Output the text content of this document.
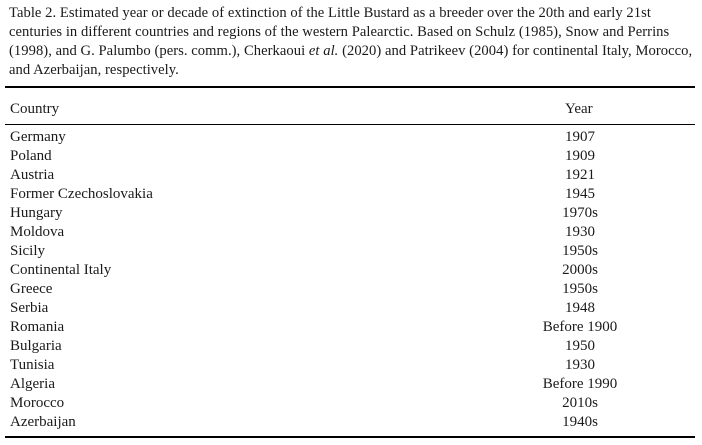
Table 2. Estimated year or decade of extinction of the Little Bustard as a breeder over the 20th and early 21st centuries in different countries and regions of the western Palearctic. Based on Schulz (1985), Snow and Perrins (1998), and G. Palumbo (pers. comm.), Cherkaoui et al. (2020) and Patrikeev (2004) for continental Italy, Morocco, and Azerbaijan, respectively.
Country	Year
Germany	1907
Poland	1909
Austria	1921
Former Czechoslovakia	1945
Hungary	1970s
Moldova	1930
Sicily	1950s
Continental Italy	2000s
Greece	1950s
Serbia	1948
Romania	Before 1900
Bulgaria	1950
Tunisia	1930
Algeria	Before 1990
Morocco	2010s
Azerbaijan	1940s
